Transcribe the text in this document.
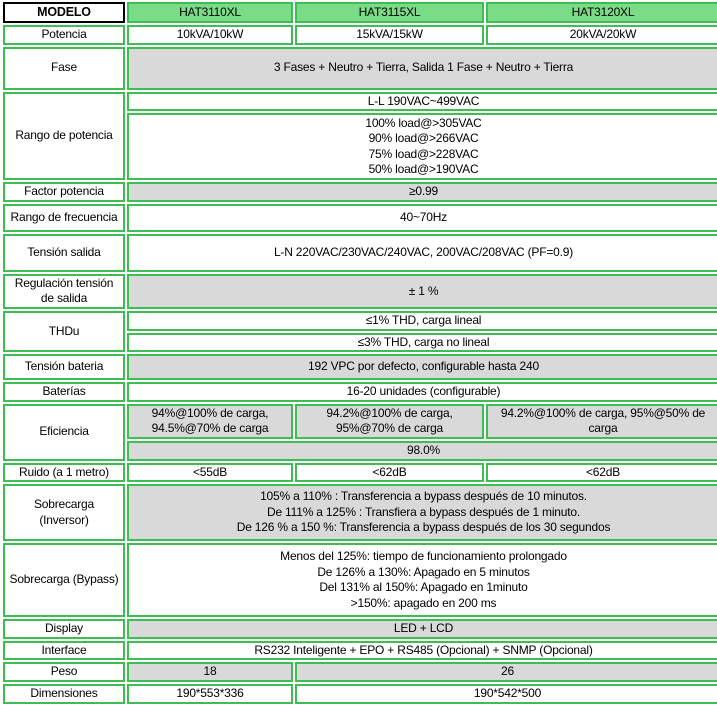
MODELO	HAT3110XL	HAT3115XL	HAT3120XL
Potencia	10kVA/10kW	15kVA/15kW	20kVA/20kW
Fase	3 Fases + Neutro + Tierra, Salida 1 Fase + Neutro + Tierra		
Rango de potencia	L-L 190VAC~499VAC		

	100% load@>305VAC
90% load@>266VAC
75% load@>228VAC
50% load@>190VAC		

Factor potencia	≥0.99		
Rango de frecuencia	40~70Hz		
Tensión salida	L-N 220VAC/230VAC/240VAC, 200VAC/208VAC (PF=0.9)		
Regulación tensión de salida	± 1 %		
THDu	≤1% THD, carga lineal		
	≤3% THD, carga no lineal		
Tensión bateria	192 VPC por defecto, configurable hasta 240		
Baterías	16-20 unidades (configurable)		
Eficiencia	94%@100% de carga, 94.5%@70% de carga	94.2%@100% de carga, 95%@70% de carga	94.2%@100% de carga, 95%@50% de carga
	98.0%		
Ruido (a 1 metro)	<55dB	<62dB	<62dB
Sobrecarga (Inversor)	105% a 110% : Transferencia a bypass después de 10 minutos.
De 111% a 125% : Transfiera a bypass después de 1 minuto.
De 126 % a 150 %: Transferencia a bypass después de los 30 segundos		

Sobrecarga (Bypass)	Menos del 125%: tiempo de funcionamiento prolongado
De 126% a 130%: Apagado en 5 minutos
Del 131% al 150%: Apagado en 1minuto
>150%: apagado en 200 ms		

Display	LED + LCD		
Interface	RS232 Inteligente + EPO + RS485 (Opcional) + SNMP (Opcional)		
Peso	18	26	
Dimensiones	190*553*336	190*542*500	
